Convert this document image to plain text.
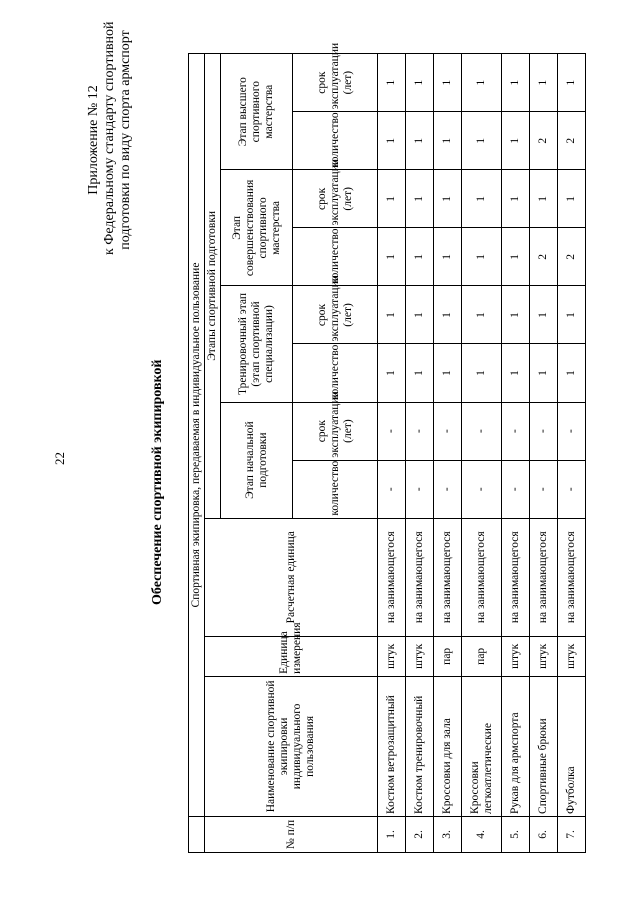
22
Приложение № 12 к Федеральному стандарту спортивной подготовки по виду спорта армспорт
Обеспечение спортивной экипировкой
	Спортивная экипировка, передаваемая в индивидуальное пользование										
№ п/п	Наименование спортивной экипировки индивидуального пользования	Единица измерения	Расчетная единица	Этапы спортивной подготовки							
				Этап начальной подготовки		Тренировочный этап (этап спортивной специализации)		Этап совершенствования спортивного мастерства		Этап высшего спортивного мастерства	
				количество	срок эксплуатации (лет)	количество	срок эксплуатации (лет)	количество	срок эксплуатации (лет)	количество	срок эксплуатации (лет)
1.	Костюм ветрозащитный	штук	на занимающегося	-	-	1	1	1	1	1	1
2.	Костюм тренировочный	штук	на занимающегося	-	-	1	1	1	1	1	1
3.	Кроссовки для зала	пар	на занимающегося	-	-	1	1	1	1	1	1
4.	Кроссовки легкоатлетические	пар	на занимающегося	-	-	1	1	1	1	1	1
5.	Рукав для армспорта	штук	на занимающегося	-	-	1	1	1	1	1	1
6.	Спортивные брюки	штук	на занимающегося	-	-	1	1	2	1	2	1
7.	Футболка	штук	на занимающегося	-	-	1	1	2	1	2	1
